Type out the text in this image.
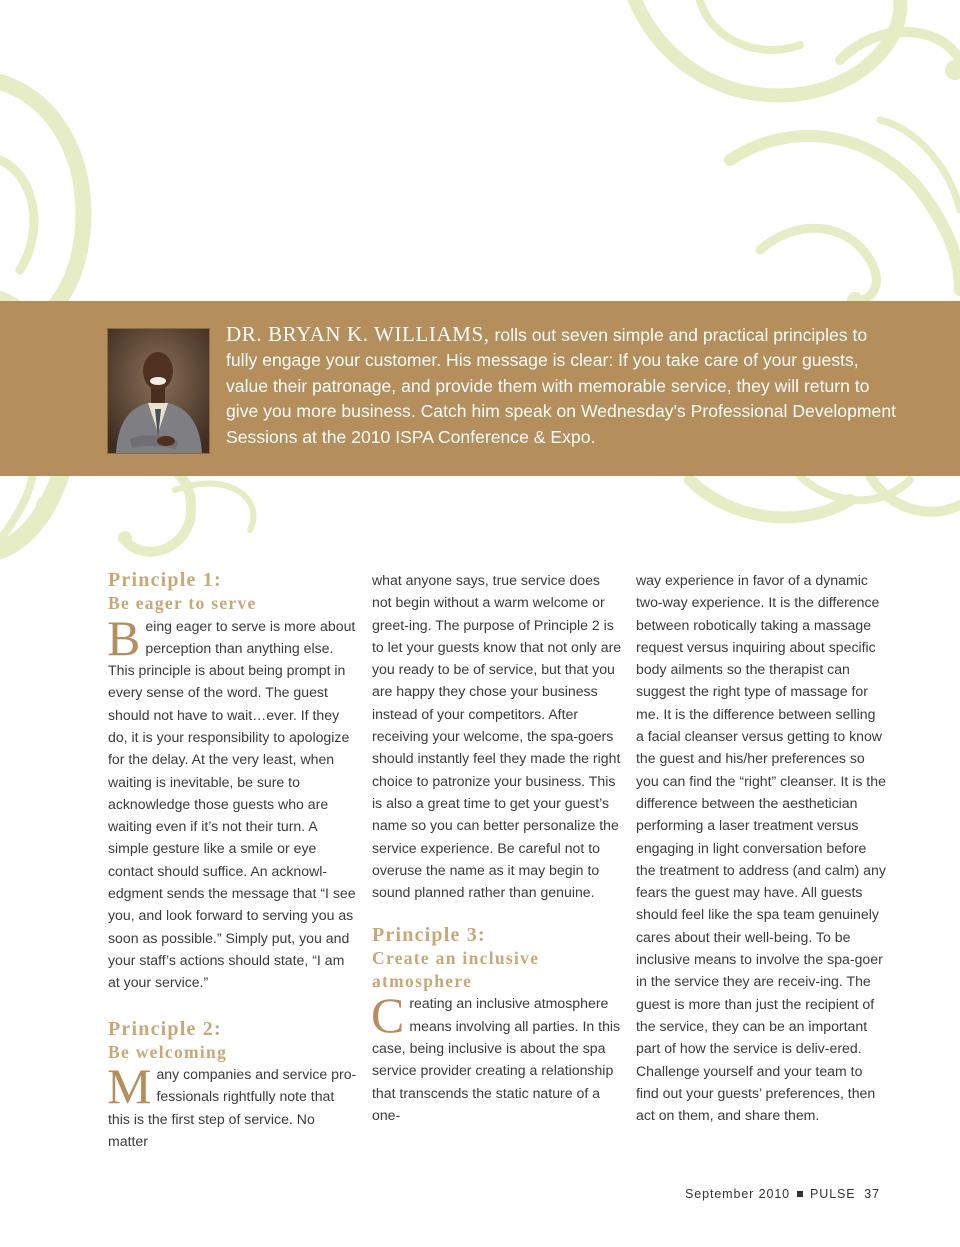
DR. BRYAN K. WILLIAMS, rolls out seven simple and practical principles to fully engage your customer. His message is clear: If you take care of your guests, value their patronage, and provide them with memorable service, they will return to give you more business. Catch him speak on Wednesday's Professional Development Sessions at the 2010 ISPA Conference & Expo.

Principle 1:
Be eager to serve

Being eager to serve is more about perception than anything else. This principle is about being prompt in every sense of the word. The guest should not have to wait…ever. If they do, it is your responsibility to apologize for the delay. At the very least, when waiting is inevitable, be sure to acknowledge those guests who are waiting even if it’s not their turn. A simple gesture like a smile or eye contact should suffice. An acknowl-edgment sends the message that “I see you, and look forward to serving you as soon as possible.” Simply put, you and your staff’s actions should state, “I am at your service.”

Principle 2:
Be welcoming

Many companies and service pro-fessionals rightfully note that this is the first step of service. No matter

what anyone says, true service does not begin without a warm welcome or greet-ing. The purpose of Principle 2 is to let your guests know that not only are you ready to be of service, but that you are happy they chose your business instead of your competitors. After receiving your welcome, the spa-goers should instantly feel they made the right choice to patronize your business. This is also a great time to get your guest’s name so you can better personalize the service experience. Be careful not to overuse the name as it may begin to sound planned rather than genuine.

Principle 3:
Create an inclusive atmosphere

Creating an inclusive atmosphere means involving all parties. In this case, being inclusive is about the spa service provider creating a relationship that transcends the static nature of a one-

way experience in favor of a dynamic two-way experience. It is the difference between robotically taking a massage request versus inquiring about specific body ailments so the therapist can suggest the right type of massage for me. It is the difference between selling a facial cleanser versus getting to know the guest and his/her preferences so you can find the “right” cleanser. It is the difference between the aesthetician performing a laser treatment versus engaging in light conversation before the treatment to address (and calm) any fears the guest may have. All guests should feel like the spa team genuinely cares about their well-being. To be inclusive means to involve the spa-goer in the service they are receiv-ing. The guest is more than just the recipient of the service, they can be an important part of how the service is deliv-ered. Challenge yourself and your team to find out your guests’ preferences, then act on them, and share them.

September 2010 PULSE 37
